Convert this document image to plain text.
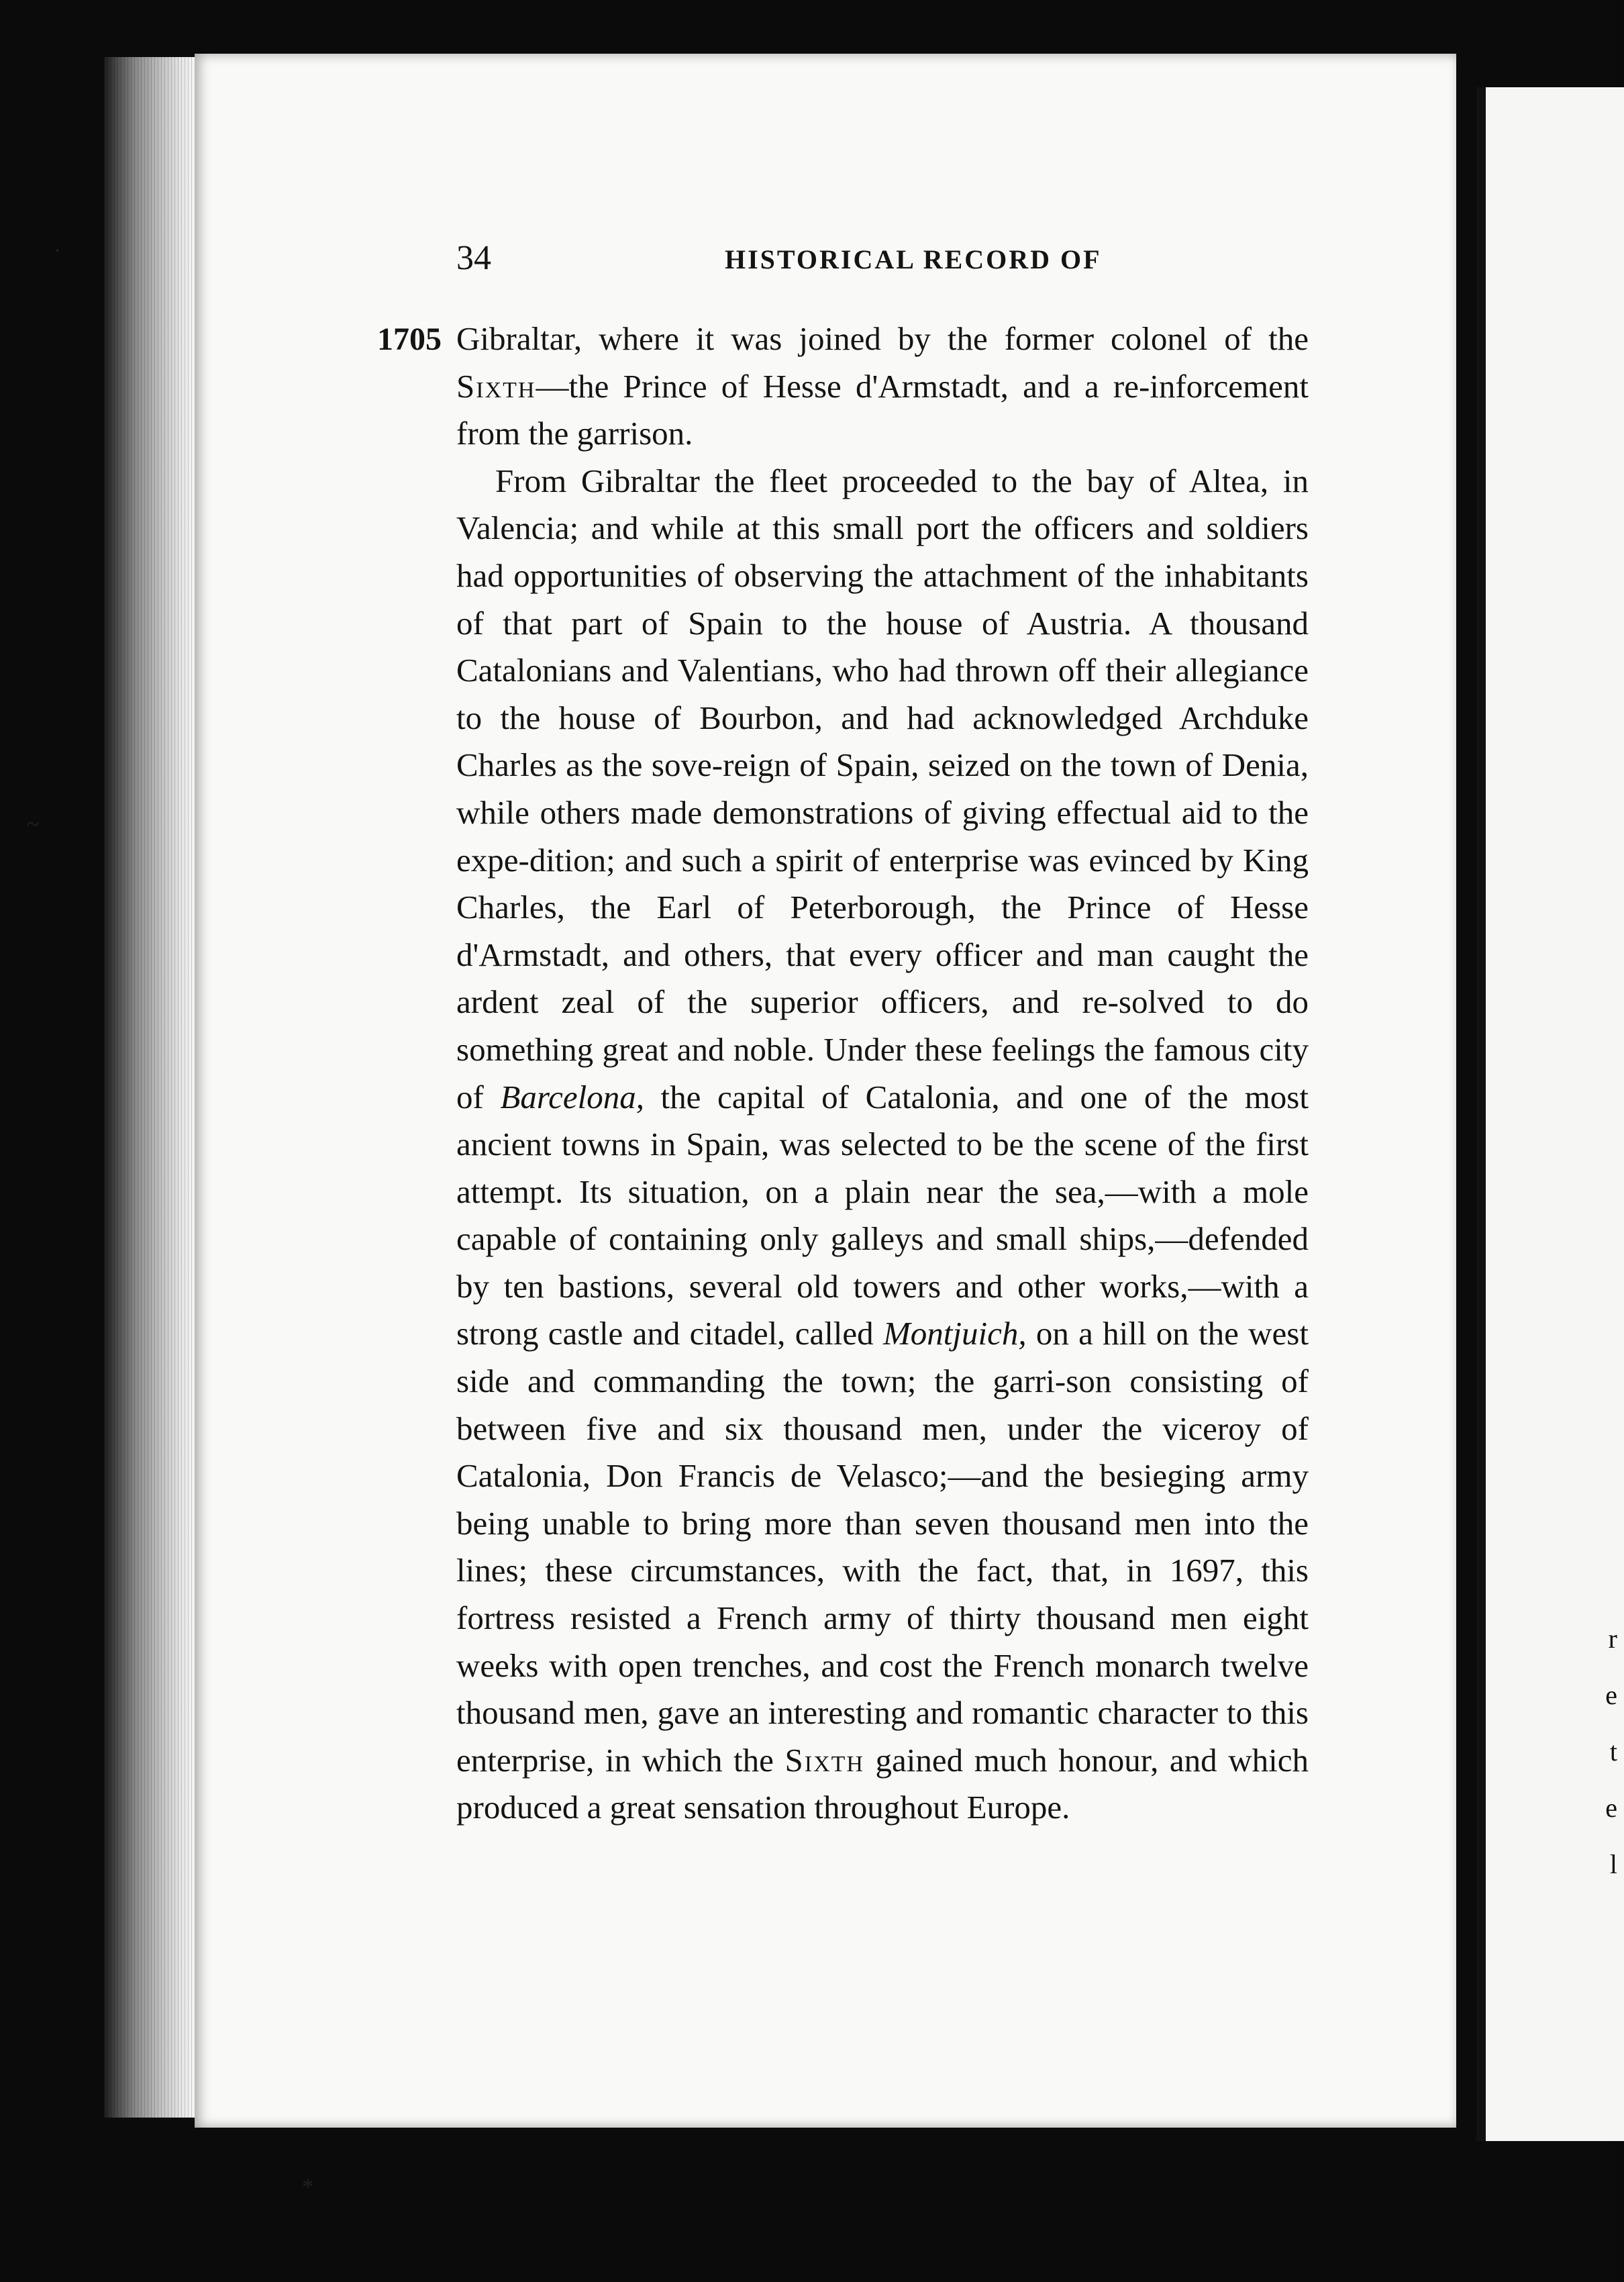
r
e
t
e
l
·
~
*
34	HISTORICAL RECORD OF
1705 Gibraltar, where it was joined by the former colonel of the Sixth—the Prince of Hesse d'Armstadt, and a re-inforcement from the garrison.

From Gibraltar the fleet proceeded to the bay of Altea, in Valencia; and while at this small port the officers and soldiers had opportunities of observing the attachment of the inhabitants of that part of Spain to the house of Austria. A thousand Catalonians and Valentians, who had thrown off their allegiance to the house of Bourbon, and had acknowledged Archduke Charles as the sove-reign of Spain, seized on the town of Denia, while others made demonstrations of giving effectual aid to the expe-dition; and such a spirit of enterprise was evinced by King Charles, the Earl of Peterborough, the Prince of Hesse d'Armstadt, and others, that every officer and man caught the ardent zeal of the superior officers, and re-solved to do something great and noble. Under these feelings the famous city of Barcelona, the capital of Catalonia, and one of the most ancient towns in Spain, was selected to be the scene of the first attempt. Its situation, on a plain near the sea,—with a mole capable of containing only galleys and small ships,—defended by ten bastions, several old towers and other works,—with a strong castle and citadel, called Montjuich, on a hill on the west side and commanding the town; the garri-son consisting of between five and six thousand men, under the viceroy of Catalonia, Don Francis de Velasco;—and the besieging army being unable to bring more than seven thousand men into the lines; these circumstances, with the fact, that, in 1697, this fortress resisted a French army of thirty thousand men eight weeks with open trenches, and cost the French monarch twelve thousand men, gave an interesting and romantic character to this enterprise, in which the Sixth gained much honour, and which produced a great sensation throughout Europe.
